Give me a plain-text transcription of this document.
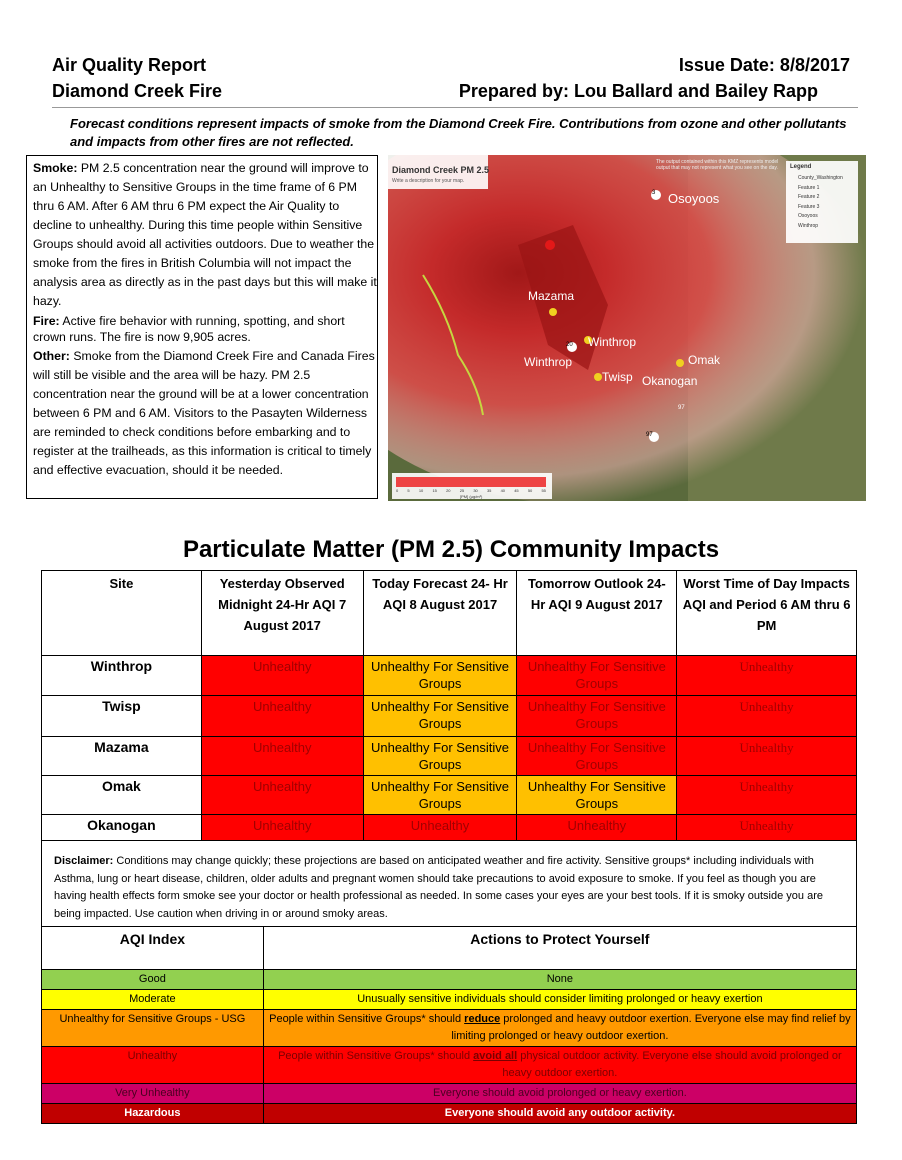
Air Quality Report
Diamond Creek Fire
Issue Date: 8/8/2017
Prepared by: Lou Ballard and Bailey Rapp
Forecast conditions represent impacts of smoke from the Diamond Creek Fire. Contributions from ozone and other pollutants and impacts from other fires are not reflected.

Smoke: PM 2.5 concentration near the ground will improve to an Unhealthy to Sensitive Groups in the time frame of 6 PM thru 6 AM. After 6 AM thru 6 PM expect the Air Quality to decline to unhealthy. During this time people within Sensitive Groups should avoid all activities outdoors. Due to weather the smoke from the fires in British Columbia will not impact the analysis area as directly as in the past days but this will make it hazy.

Fire: Active fire behavior with running, spotting, and short crown runs. The fire is now 9,905 acres.

Other: Smoke from the Diamond Creek Fire and Canada Fires will still be visible and the area will be hazy. PM 2.5 concentration near the ground will be at a lower concentration between 6 PM and 6 AM. Visitors to the Pasayten Wilderness are reminded to check conditions before embarking and to register at the trailheads, as this information is critical to timely and effective evacuation, should it be needed.

Diamond Creek PM 2.5
Write a description for your map.
The output contained within this KMZ represents model output that may not represent what you see on the day.	Legend
County_Washington
Feature 1
Feature 2
Feature 3
Osoyoos
Winthrop
Osoyoos
Mazama
Winthrop
Winthrop
Twisp
Omak
Okanogan
3
97
20
97
0 5 10 15 20 25 30 35 40 45 50 55
[PM] (µg/m³)
Particulate Matter (PM 2.5) Community Impacts
Site	Yesterday Observed Midnight 24-Hr AQI 7 August 2017	Today Forecast 24- Hr AQI 8 August 2017	Tomorrow Outlook 24- Hr AQI 9 August 2017	Worst Time of Day Impacts AQI and Period 6 AM thru 6 PM
Winthrop	Unhealthy	Unhealthy For Sensitive Groups	Unhealthy For Sensitive Groups	Unhealthy
Twisp	Unhealthy	Unhealthy For Sensitive Groups	Unhealthy For Sensitive Groups	Unhealthy
Mazama	Unhealthy	Unhealthy For Sensitive Groups	Unhealthy For Sensitive Groups	Unhealthy
Omak	Unhealthy	Unhealthy For Sensitive Groups	Unhealthy For Sensitive Groups	Unhealthy
Okanogan	Unhealthy	Unhealthy	Unhealthy	Unhealthy
Disclaimer: Conditions may change quickly; these projections are based on anticipated weather and fire activity. Sensitive groups* including individuals with Asthma, lung or heart disease, children, older adults and pregnant women should take precautions to avoid exposure to smoke. If you feel as though you are having health effects form smoke see your doctor or health professional as needed. In some cases your eyes are your best tools. If it is smoky outside you are being impacted. Use caution when driving in or around smoky areas.
AQI Index	Actions to Protect Yourself
Good	None
Moderate	Unusually sensitive individuals should consider limiting prolonged or heavy exertion
Unhealthy for Sensitive Groups - USG	People within Sensitive Groups* should reduce prolonged and heavy outdoor exertion. Everyone else may find relief by limiting prolonged or heavy outdoor exertion.
Unhealthy	People within Sensitive Groups* should avoid all physical outdoor activity. Everyone else should avoid prolonged or heavy outdoor exertion.
Very Unhealthy	Everyone should avoid prolonged or heavy exertion.
Hazardous	Everyone should avoid any outdoor activity.
